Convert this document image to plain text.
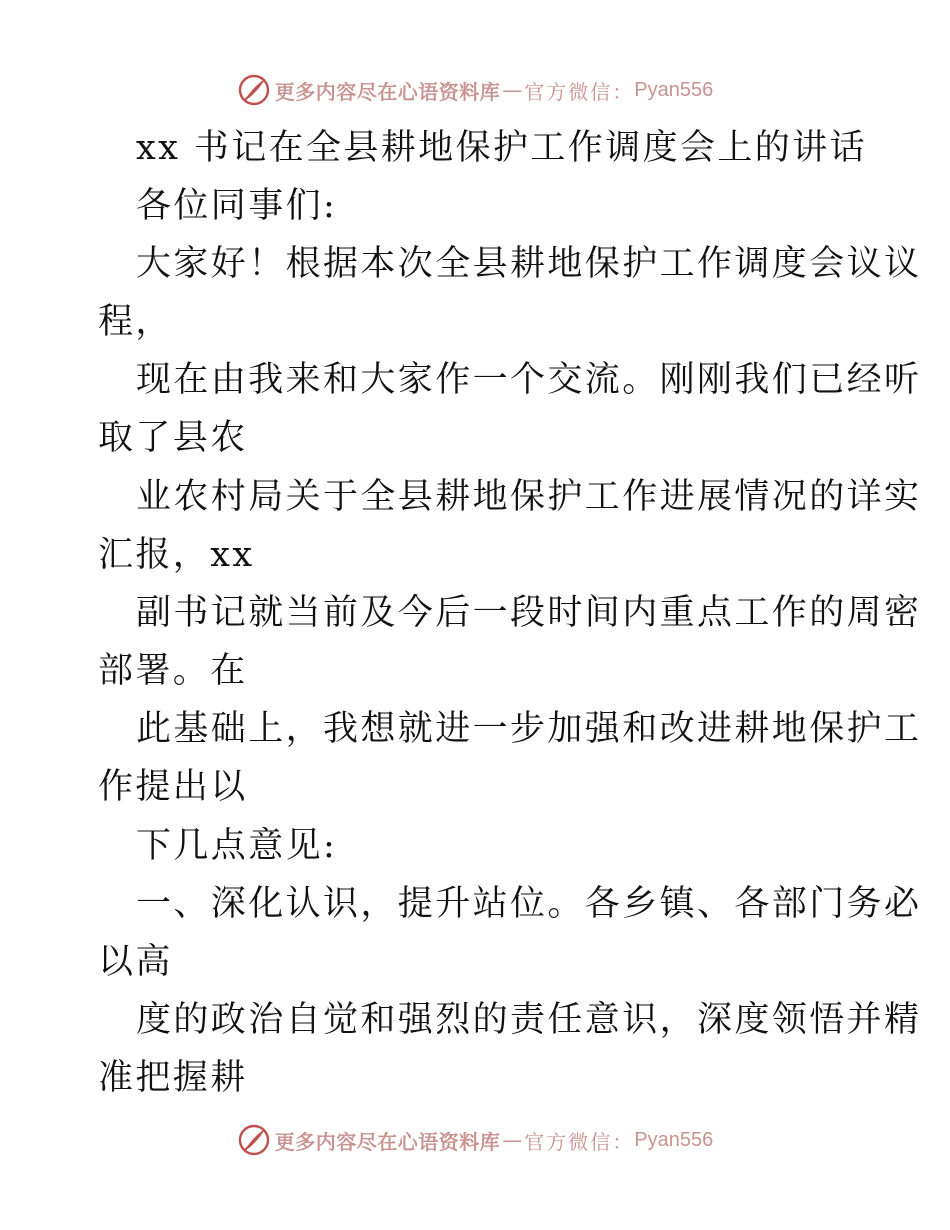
更多内容尽在心语资料库 — 官方微信： Pyan556
xx 书记在全县耕地保护工作调度会上的讲话
各位同事们:
大家好！根据本次全县耕地保护工作调度会议议
程，
现在由我来和大家作一个交流。刚刚我们已经听
取了县农
业农村局关于全县耕地保护工作进展情况的详实
汇报，xx
副书记就当前及今后一段时间内重点工作的周密
部署。在
此基础上，我想就进一步加强和改进耕地保护工
作提出以
下几点意见:
一、深化认识，提升站位。各乡镇、各部门务必
以高
度的政治自觉和强烈的责任意识，深度领悟并精
准把握耕
更多内容尽在心语资料库 — 官方微信： Pyan556
